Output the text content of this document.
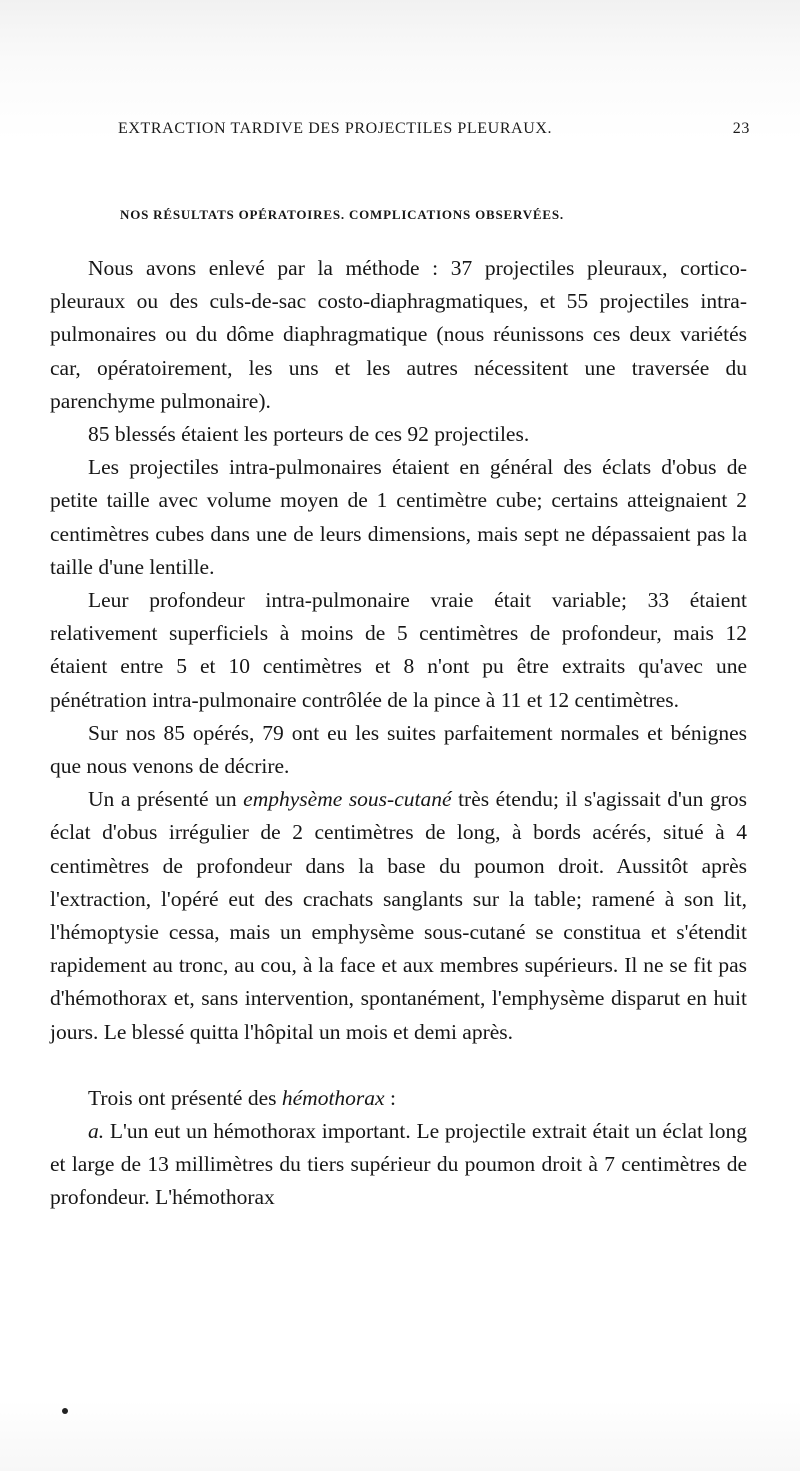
EXTRACTION TARDIVE DES PROJECTILES PLEURAUX.	23
NOS RÉSULTATS OPÉRATOIRES. COMPLICATIONS OBSERVÉES.

Nous avons enlevé par la méthode : 37 projectiles pleuraux, cortico-pleuraux ou des culs-de-sac costo-diaphragmatiques, et 55 projectiles intra-pulmonaires ou du dôme diaphragmatique (nous réunissons ces deux variétés car, opératoirement, les uns et les autres nécessitent une traversée du parenchyme pulmonaire).

85 blessés étaient les porteurs de ces 92 projectiles.

Les projectiles intra-pulmonaires étaient en général des éclats d'obus de petite taille avec volume moyen de 1 centimètre cube; certains atteignaient 2 centimètres cubes dans une de leurs dimensions, mais sept ne dépassaient pas la taille d'une lentille.

Leur profondeur intra-pulmonaire vraie était variable; 33 étaient relativement superficiels à moins de 5 centimètres de profondeur, mais 12 étaient entre 5 et 10 centimètres et 8 n'ont pu être extraits qu'avec une pénétration intra-pulmonaire contrôlée de la pince à 11 et 12 centimètres.

Sur nos 85 opérés, 79 ont eu les suites parfaitement normales et bénignes que nous venons de décrire.

Un a présenté un emphysème sous-cutané très étendu; il s'agissait d'un gros éclat d'obus irrégulier de 2 centimètres de long, à bords acérés, situé à 4 centimètres de profondeur dans la base du poumon droit. Aussitôt après l'extraction, l'opéré eut des crachats sanglants sur la table; ramené à son lit, l'hémoptysie cessa, mais un emphysème sous-cutané se constitua et s'étendit rapidement au tronc, au cou, à la face et aux membres supérieurs. Il ne se fit pas d'hémothorax et, sans intervention, spontanément, l'emphysème disparut en huit jours. Le blessé quitta l'hôpital un mois et demi après.

Trois ont présenté des hémothorax :

a. L'un eut un hémothorax important. Le projectile extrait était un éclat long et large de 13 millimètres du tiers supérieur du poumon droit à 7 centimètres de profondeur. L'hémothorax
